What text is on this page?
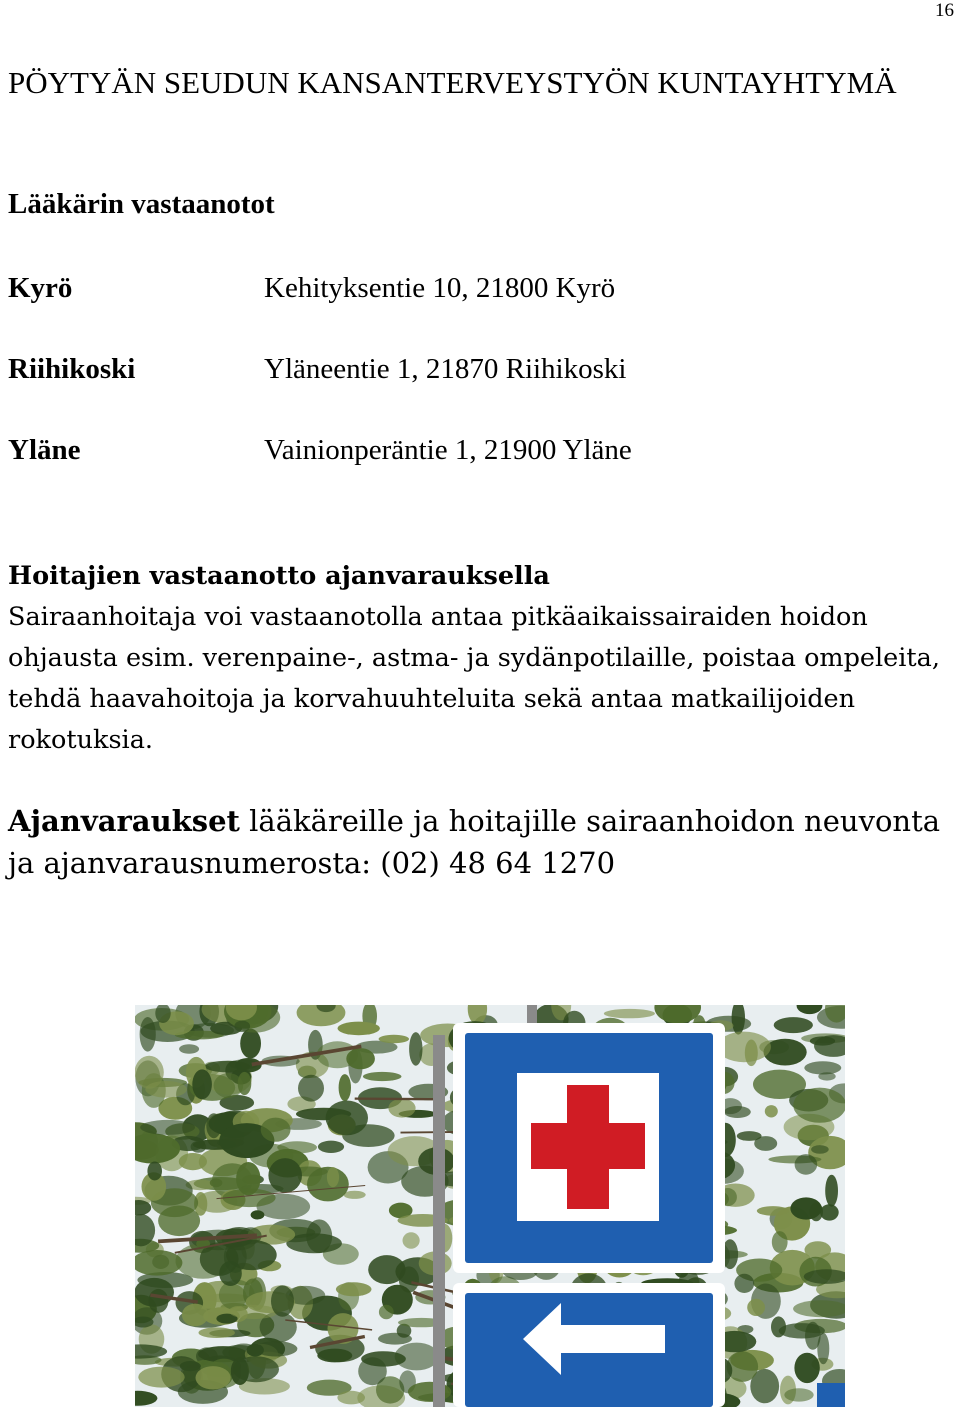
16
PÖYTYÄN SEUDUN KANSANTERVEYSTYÖN KUNTAYHTYMÄ
Lääkärin vastaanotot
Kyrö	Kehityksentie 10, 21800 Kyrö
Riihikoski	Yläneentie 1, 21870 Riihikoski
Yläne	Vainionperäntie 1, 21900 Yläne

Hoitajien vastaanotto ajanvarauksella
Sairaanhoitaja voi vastaanotolla antaa pitkäaikaissairaiden hoidon ohjausta esim. verenpaine-, astma- ja sydänpotilaille, poistaa ompeleita, tehdä haavahoitoja ja korvahuuhteluita sekä antaa matkailijoiden rokotuksia.

Ajanvaraukset lääkäreille ja hoitajille sairaanhoidon neuvonta ja ajanvarausnumerosta: (02) 48 64 1270
